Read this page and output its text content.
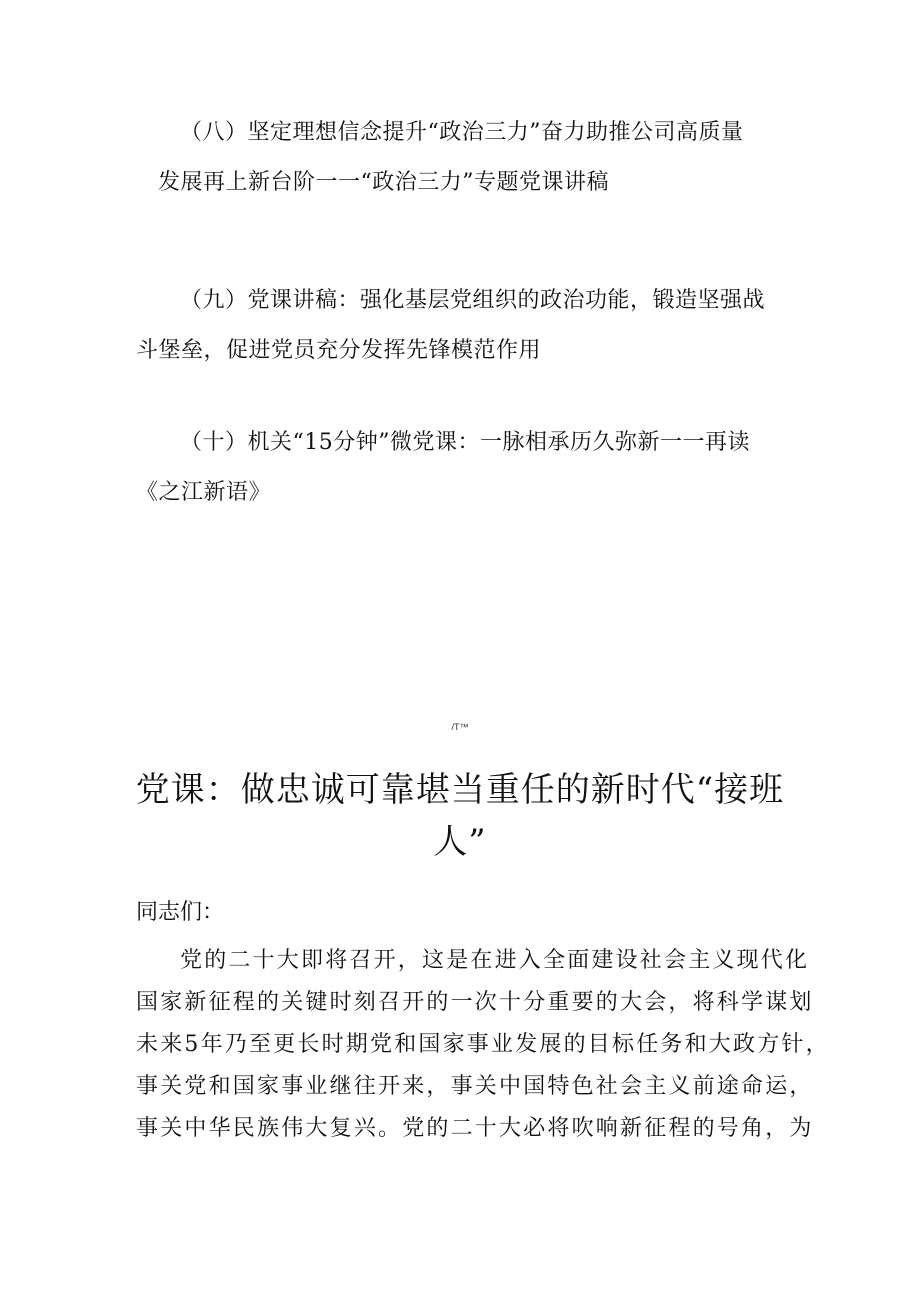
（八）坚定理想信念提升“政治三力”奋力助推公司高质量
发展再上新台阶一一“政治三力”专题党课讲稿

（九）党课讲稿：强化基层党组织的政治功能，锻造坚强战
斗堡垒，促进党员充分发挥先锋模范作用

（十）机关“15分钟”微党课：一脉相承历久弥新一一再读
《之江新语》

/T™

党课：做忠诚可靠堪当重任的新时代“接班
人”

同志们：

党的二十大即将召开，这是在进入全面建设社会主义现代化
国家新征程的关键时刻召开的一次十分重要的大会，将科学谋划
未来5年乃至更长时期党和国家事业发展的目标任务和大政方针，
事关党和国家事业继往开来，事关中国特色社会主义前途命运，
事关中华民族伟大复兴。党的二十大必将吹响新征程的号角，为
